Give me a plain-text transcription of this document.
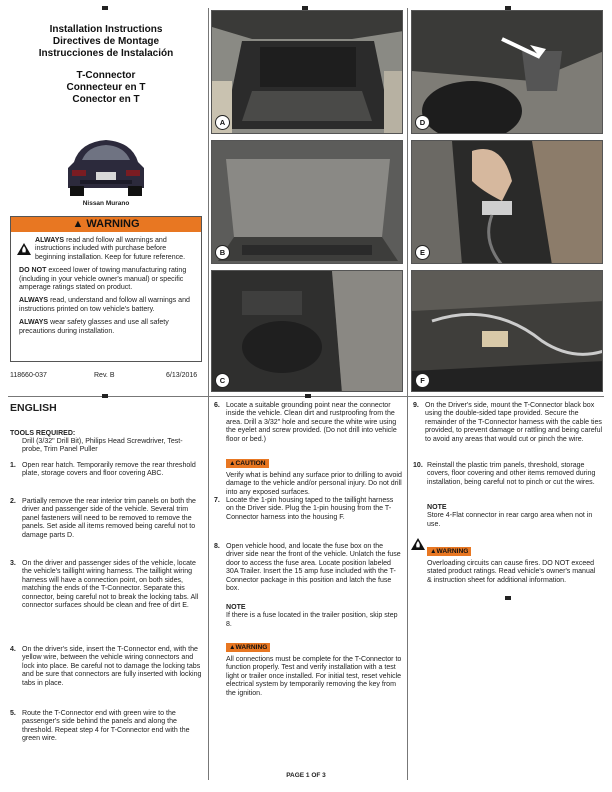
Installation Instructions
Directives de Montage
Instrucciones de Instalación
T-Connector
Connecteur en T
Conector en T
Nissan Murano
▲ WARNING

ALWAYS read and follow all warnings and instructions included with purchase before beginning installation. Keep for future reference.

DO NOT exceed lower of towing manufacturing rating (including in your vehicle owner's manual) or specific amperage ratings stated on product.

ALWAYS read, understand and follow all warnings and instructions printed on tow vehicle's battery.

ALWAYS wear safety glasses and use all safety precautions during installation.

118660-037	Rev. B	6/13/2016
A
B
C
D
E
F
ENGLISH
TOOLS REQUIRED:
Drill (3/32" Drill Bit), Philips Head Screwdriver, Test-probe, Trim Panel Puller
1. Open rear hatch. Temporarily remove the rear threshold plate, storage covers and floor covering ABC.
2. Partially remove the rear interior trim panels on both the driver and passenger side of the vehicle. Several trim panel fasteners will need to be removed to remove the panels. Set aside all items removed being careful not to damage parts D.
3. On the driver and passenger sides of the vehicle, locate the vehicle's taillight wiring harness. The taillight wiring harness will have a connection point, on both sides, matching the ends of the T-Connector. Separate this connector, being careful not to break the locking tabs. All connector surfaces should be clean and free of dirt E.
4. On the driver's side, insert the T-Connector end, with the yellow wire, between the vehicle wiring connectors and lock into place. Be careful not to damage the locking tabs and be sure that connectors are fully inserted with locking tabs in place.
5. Route the T-Connector end with green wire to the passenger's side behind the panels and along the threshold. Repeat step 4 for T-Connector end with the green wire.
6. Locate a suitable grounding point near the connector inside the vehicle. Clean dirt and rustproofing from the area. Drill a 3/32" hole and secure the white wire using the eyelet and screw provided. (Do not drill into vehicle floor or bed.)
▲CAUTION
Verify what is behind any surface prior to drilling to avoid damage to the vehicle and/or personal injury. Do not drill into any exposed surfaces.
7. Locate the 1-pin housing taped to the taillight harness on the Driver side. Plug the 1-pin housing from the T-Connector harness into the housing F.
8. Open vehicle hood, and locate the fuse box on the driver side near the front of the vehicle. Unlatch the fuse door to access the fuse area. Locate position labeled 30A Trailer. Insert the 15 amp fuse included with the T-Connector package in this position and latch the fuse box.
NOTE
If there is a fuse located in the trailer position, skip step 8.
▲WARNING
All connections must be complete for the T-Connector to function properly. Test and verify installation with a test light or trailer once installed. For initial test, reset vehicle electrical system by temporarily removing the key from the ignition.
9. On the Driver's side, mount the T-Connector black box using the double-sided tape provided. Secure the remainder of the T-Connector harness with the cable ties provided, to prevent damage or rattling and being careful to avoid any areas that would cut or pinch the wire.
10. Reinstall the plastic trim panels, threshold, storage covers, floor covering and other items removed during installation, being careful not to pinch or cut the wires.
NOTE
Store 4-Flat connector in rear cargo area when not in use.
▲WARNING
Overloading circuits can cause fires. DO NOT exceed stated product ratings. Read vehicle's owner's manual & instruction sheet for additional information.
PAGE 1 OF 3
